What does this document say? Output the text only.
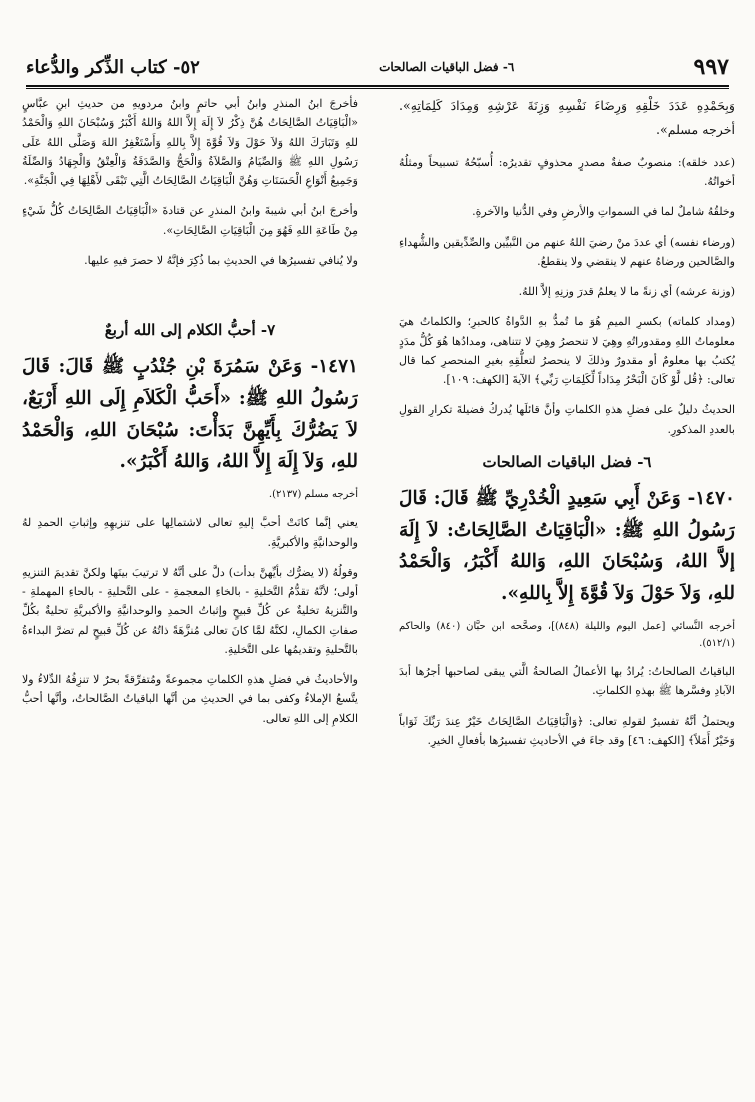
٩٩٧
٦- فضل الباقيات الصالحات
٥٢- كتاب الذِّكر والدُّعاء

وَبِحَمْدِهِ عَدَدَ خَلْقِهِ وَرِضَاءَ نَفْسِهِ وَزِنَةَ عَرْشِهِ وَمِدَادَ كَلِمَاتِهِ». أخرجه مسلم».

(عدد خلقه): منصوبٌ صفةٌ مصدرٍ محذوفٍ تقديرُه: أُسبّحُهُ تسبيحاً ومثلُهُ أخواتُهُ.

وخلقُهُ شاملٌ لما في السمواتِ والأرضِ وفي الدُّنيا والآخرةِ.

(ورضاء نفسه) أي عددَ منْ رضيَ اللهُ عنهم من النَّبيِّين والصِّدِّيقين والشُّهداءِ والصَّالحين ورضاهُ عنهم لا ينقضي ولا ينقطعُ.

(وزنة عرشه) أي زنةً ما لا يعلمُ قدرَ وزنِهِ إلاَّ اللهُ.

(ومداد كلماته) بكسرِ الميمِ هُوَ ما تُمدُّ بهِ الدَّواةُ كالحبرِ؛ والكلماتُ هيَ معلوماتُ اللهِ ومقدوراتُهِ وهِيَ لا تنحصرُ وهِيَ لا تتناهى، ومدادُها هُوَ كُلُّ مدَدٍ يُكتبُ بها معلومٌ أو مقدورٌ وذلكَ لا ينحصرُ لتعلُّقِهِ بغيرِ المنحصرِ كما قال تعالى: ﴿قُل لَّوْ كَانَ الْبَحْرُ مِدَاداً لِّكَلِمَاتِ رَبِّي﴾ الآيةَ [الكهف: ١٠٩].

الحديثُ دليلٌ على فضلِ هذهِ الكلماتِ وأنَّ قائلَها يُدركُ فضيلةَ تكرارِ القولِ بالعددِ المذكورِ.

٦- فضل الباقيات الصالحات

١٤٧٠- وَعَنْ أَبِي سَعِيدٍ الْخُدْرِيِّ ﷺ قَالَ: قَالَ رَسُولُ اللهِ ﷺ: «الْبَاقِيَاتُ الصَّالِحَاتُ: لاَ إِلَهَ إلاَّ اللهُ، وَسُبْحَانَ اللهِ، وَاللهُ أَكْبَرُ، وَالْحَمْدُ للهِ، وَلاَ حَوْلَ وَلاَ قُوَّةَ إِلاَّ بِاللهِ».

أخرجه النَّسائي [عمل اليوم والليلة (٨٤٨)]، وصحَّحه ابن حبَّان (٨٤٠) والحاكم (٥١٢/١).

الباقياتُ الصالحاتُ: يُرادُ بها الأعمالُ الصالحةُ الَّتي يبقى لصاحبها أجرُها أبدَ الآبادِ وفسَّرها ﷺ بهذهِ الكلماتِ.

ويحتملُ أنَّهُ تفسيرٌ لقولهِ تعالى: ﴿وَالْبَاقِيَاتُ الصَّالِحَاتُ خَيْرٌ عِندَ رَبِّكَ ثَوَاباً وَخَيْرٌ أَمَلاً﴾ [الكهف: ٤٦] وقد جاءَ في الأحاديثِ تفسيرُها بأفعالِ الخيرِ.

فأخرجَ ابنُ المنذرِ وابنُ أبي حاتمٍ وابنُ مردويهِ من حديثِ ابنِ عبَّاسٍ «الْبَاقِيَاتُ الصَّالِحَاتُ هُنَّ ذِكْرُ لاَ إِلَهَ إِلاَّ اللهُ وَاللهُ أَكْبَرُ وَسُبْحَانَ اللهِ وَالْحَمْدُ للهِ وَتَبَارَكَ اللهُ وَلاَ حَوْلَ وَلاَ قُوَّةَ إِلاَّ بِاللهِ وَأَسْتَغْفِرُ اللهَ وَصَلَّى اللهُ عَلَى رَسُولِ اللهِ ﷺ وَالصِّيَامُ وَالصَّلاَةُ وَالْحَجُّ وَالصَّدَقَةُ وَالْعِتْقُ وَالْجِهَادُ وَالصِّلَةُ وَجَمِيعُ أَنْوَاعِ الْحَسَنَاتِ وَهُنَّ الْبَاقِيَاتُ الصَّالِحَاتُ الَّتِي تَبْقَى لأَهْلِهَا فِي الْجَنَّةِ».

وأخرجَ ابنُ أبي شيبةَ وابنُ المنذرِ عن قتادةَ «الْبَاقِيَاتُ الصَّالِحَاتُ كُلُّ شَيْءٍ مِنْ طَاعَةِ اللهِ فَهُوَ مِنَ الْبَاقِيَاتِ الصَّالِحَاتِ».

ولا يُنافي تفسيرُها في الحديثِ بما ذُكِرَ فإنَّهُ لا حصرَ فيهِ عليها.

٧- أحبُّ الكلام إلى الله أربعٌ

١٤٧١- وَعَنْ سَمُرَةَ بْنِ جُنْدُبٍ ﷺ قَالَ: قَالَ رَسُولُ اللهِ ﷺ: «أَحَبُّ الْكَلاَمِ إِلَى اللهِ أَرْبَعٌ، لاَ يَضُرُّكَ بِأَيِّهِنَّ بَدَأْتَ: سُبْحَانَ اللهِ، وَالْحَمْدُ للهِ، وَلاَ إِلَهَ إِلاَّ اللهُ، وَاللهُ أَكْبَرُ».

أخرجه مسلم (٢١٣٧).

يعني إنَّما كانَتْ أحبَّ إليهِ تعالى لاشتمالِها على تنزيهِهِ وإثباتِ الحمدِ لهُ والوحدانيَّةِ والأكبريَّةِ.

وقولُهُ (لا يضرُّك بأيِّهنَّ بدأت) دلَّ على أنَّهُ لا ترتيبَ بينَها ولكنَّ تقديمَ التنزيهِ أولى؛ لأنَّهُ تقدُّمُ التَّخليةِ - بالخاءِ المعجمةِ - على التَّحليةِ - بالحاءِ المهملةِ - والتَّنزيهُ تخليةٌ عن كُلِّ قبيحٍ وإثباتُ الحمدِ والوحدانيَّةِ والأكبريَّةِ تحليةٌ بكُلِّ صفاتِ الكمالِ، لكنَّهُ لمَّا كانَ تعالى مُنزَّهَةً ذاتُهُ عن كُلِّ قبيحٍ لم تضرَّ البداءةُ بالتَّحليةِ وتقديمُها على التَّخليةِ.

والأحاديثُ في فضلِ هذهِ الكلماتِ مجموعةً ومُتفرِّقةً بحرٌ لا تنزِفُهُ الدِّلاءُ ولا يتَّسعُ الإملاءُ وكفى بما في الحديثِ من أنَّها الباقياتُ الصَّالحاتُ، وأنَّها أحبُّ الكلامِ إلى اللهِ تعالى.
